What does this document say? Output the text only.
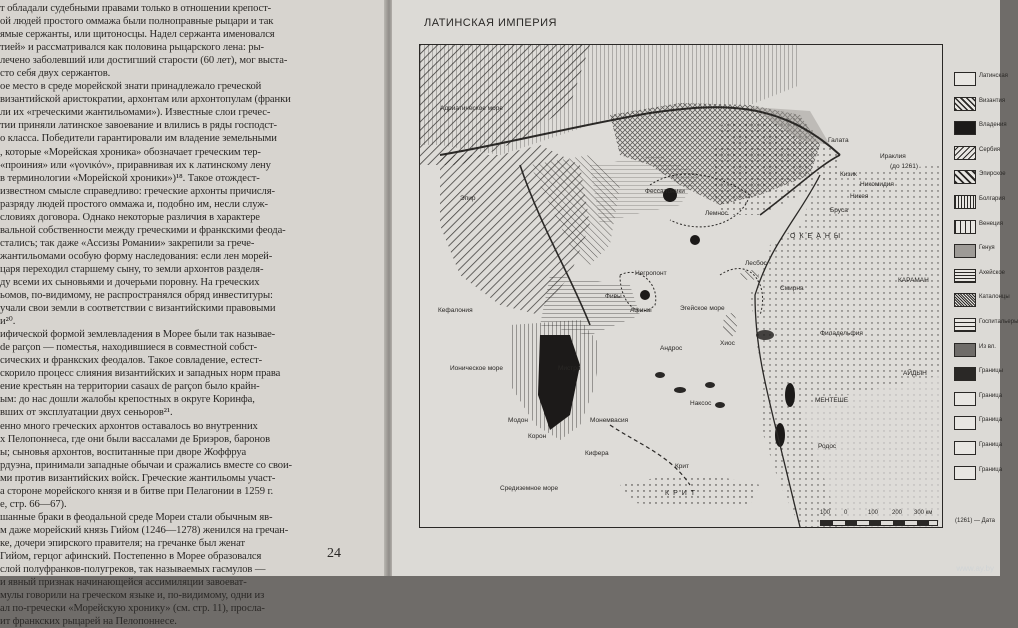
т обладали судебными правами только в отношении крепост-
ой людей простого оммажа были полноправные рыцари и так
ямые сержанты, или щитоносцы. Надел сержанта именовался
тией» и рассматривался как половина рыцарского лена: ры-
лечено заболевший или достигший старости (60 лет), мог выста-
сто себя двух сержантов.
ое место в среде морейской знати принадлежало греческой
византийской аристократии, архонтам или архонтопулам (франки
ли их «греческими жантильомами»). Известные слои гречес-
тии приняли латинское завоевание и влились в ряды господст-
о класса. Победители гарантировали им владение земельными
, которые «Морейская хроника» обозначает греческим тер-
«проиния» или «γονικόν», приравнивая их к латинскому лену
в терминологии «Морейской хроники»)¹⁸. Такое отождест-
известном смысле справедливо: греческие архонты причисля-
разряду людей простого оммажа и, подобно им, несли служ-
словиях договора. Однако некоторые различия в характере
вальной собственности между греческими и франкскими феода-
сталисъ; так даже «Ассизы Романии» закрепили за грече-
жантильомами особую форму наследования: если лен морей-
царя переходил старшему сыну, то земли архонтов разделя-
ду всеми их сыновьями и дочерьми поровну. На греческих
ьомов, по-видимому, не распространялся обряд инвеституры:
учали свои земли в соответствии с византийскими правовыми
и²⁰.
ифической формой землевладения в Морее были так называе-
de parçon — поместья, находившиеся в совместной собст-
сических и франкских феодалов. Такое совладение, естест-
скорило процесс слияния византийских и западных норм права
ение крестьян на территории casaux de parçon было крайн-
ым: до нас дошли жалобы крепостных в округе Коринфа,
вших от эксплуатации двух сеньоров²¹.
енно много греческих архонтов оставалось во внутренних
х Пелопоннеса, где они были вассалами де Бриэров, баронов
ы; сыновья архонтов, воспитанные при дворе Жоффруа
рдуэна, принимали западные обычаи и сражались вместе со свои-
ми против византийских войск. Греческие жантильомы участ-
а стороне морейского князя и в битве при Пелагонии в 1259 г.
е, стр. 66—67).
шанные браки в феодальной среде Мореи стали обычным яв-
м даже морейский князь Гийом (1246—1278) женился на гречан-
ке, дочери эпирского правителя; на гречанке был женат
Гийом, герцог афинский. Постепенно в Морее образовался
слой полуфранков-полугреков, так называемых гасмулов —
и явный признак начинающейся ассимиляции завоеват-
мулы говорили на греческом языке и, по-видимому, одни из
ал по-гречески «Морейскую хронику» (см. стр. 11), просла-
ит франкских рыцарей на Пелопоннесе.
24
ЛАТИНСКАЯ ИМПЕРИЯ
Галата
Ираклия
(до 1261)
Кизик
Никомидия
Никея
Бруса
Фессалоники
Эпир
Афины
Фивы
Лемнос
Лесбос
Хиос
Андрос
Наксос
Крит
Родос
Кефалония
Модон
Корон
Монемвасия
Мистра
Кифера
Негропонт
Смирна
Филадельфия
Эгейское море
Ионическое море
Средиземное море
Адриатическое море
КРИТ
ОКЕАНЫ
КАРАМАН
МЕНТЕШЕ
АЙДЫН
Латинская
Византия
Владения
Сербия
Эпирское
Болгария
Венеция
Генуя
Ахейское
Каталонцы
Госпитальеры
Из вл.
Границы
Граница
Граница
Граница
Граница
100 0	100 200 300 км
(1261) — Дата
www.ay.by
